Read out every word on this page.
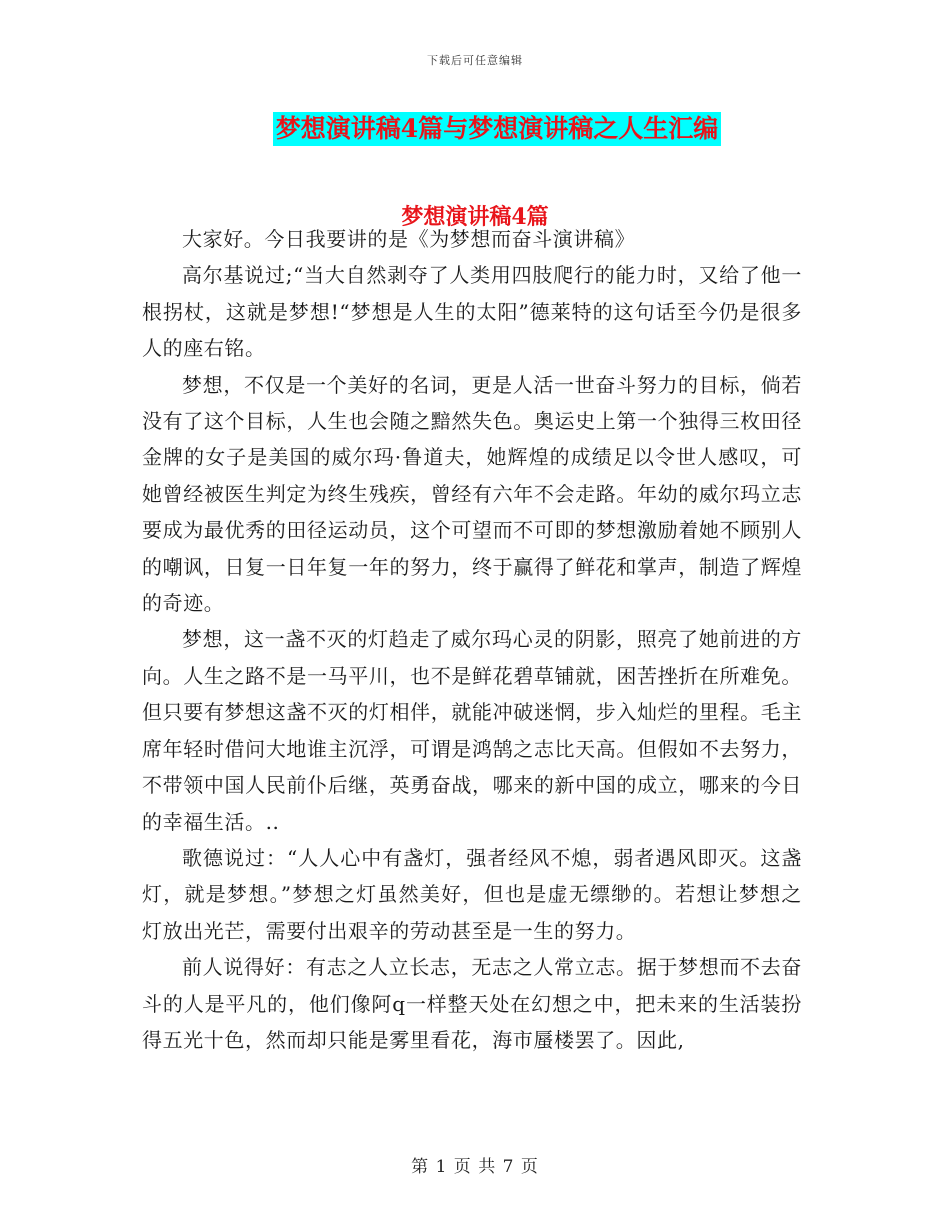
下载后可任意编辑
梦想演讲稿4篇与梦想演讲稿之人生汇编
梦想演讲稿4篇

大家好。今日我要讲的是《为梦想而奋斗演讲稿》

高尔基说过;“当大自然剥夺了人类用四肢爬行的能力时，又给了他一根拐杖，这就是梦想!“梦想是人生的太阳”德莱特的这句话至今仍是很多人的座右铭。

梦想，不仅是一个美好的名词，更是人活一世奋斗努力的目标，倘若没有了这个目标，人生也会随之黯然失色。奥运史上第一个独得三枚田径金牌的女子是美国的威尔玛·鲁道夫，她辉煌的成绩足以令世人感叹，可她曾经被医生判定为终生残疾，曾经有六年不会走路。年幼的威尔玛立志要成为最优秀的田径运动员，这个可望而不可即的梦想激励着她不顾别人的嘲讽，日复一日年复一年的努力，终于赢得了鲜花和掌声，制造了辉煌的奇迹。

梦想，这一盏不灭的灯趋走了威尔玛心灵的阴影，照亮了她前进的方向。人生之路不是一马平川，也不是鲜花碧草铺就，困苦挫折在所难免。但只要有梦想这盏不灭的灯相伴，就能冲破迷惘，步入灿烂的里程。毛主席年轻时借问大地谁主沉浮，可谓是鸿鹄之志比天高。但假如不去努力，不带领中国人民前仆后继，英勇奋战，哪来的新中国的成立，哪来的今日的幸福生活。..

歌德说过：“人人心中有盏灯，强者经风不熄，弱者遇风即灭。这盏灯，就是梦想。”梦想之灯虽然美好，但也是虚无缥缈的。若想让梦想之灯放出光芒，需要付出艰辛的劳动甚至是一生的努力。

前人说得好：有志之人立长志，无志之人常立志。据于梦想而不去奋斗的人是平凡的，他们像阿q一样整天处在幻想之中，把未来的生活装扮得五光十色，然而却只能是雾里看花，海市蜃楼罢了。因此,

第 1 页 共 7 页
